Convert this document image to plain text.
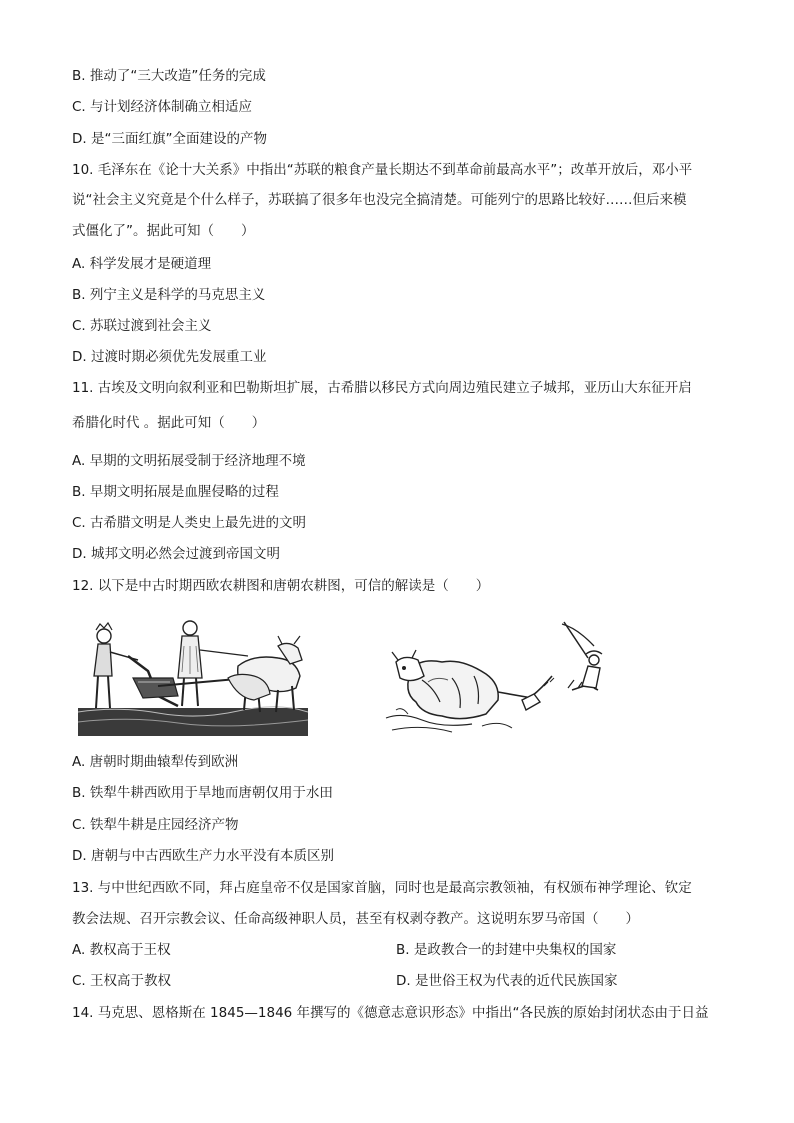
B. 推动了“三大改造”任务的完成
C. 与计划经济体制确立相适应
D. 是“三面红旗”全面建设的产物
10. 毛泽东在《论十大关系》中指出“苏联的粮食产量长期达不到革命前最高水平”；改革开放后，邓小平
说“社会主义究竟是个什么样子，苏联搞了很多年也没完全搞清楚。可能列宁的思路比较好……但后来模
式僵化了”。据此可知（　　）
A. 科学发展才是硬道理
B. 列宁主义是科学的马克思主义
C. 苏联过渡到社会主义
D. 过渡时期必须优先发展重工业
11. 古埃及文明向叙利亚和巴勒斯坦扩展，古希腊以移民方式向周边殖民建立子城邦，亚历山大东征开启
希腊化时代 。据此可知（　　）
A. 早期的文明拓展受制于经济地理不境
B. 早期文明拓展是血腥侵略的过程
C. 古希腊文明是人类史上最先进的文明
D. 城邦文明必然会过渡到帝国文明
12. 以下是中古时期西欧农耕图和唐朝农耕图，可信的解读是（　　）
A. 唐朝时期曲辕犁传到欧洲
B. 铁犁牛耕西欧用于旱地而唐朝仅用于水田
C. 铁犁牛耕是庄园经济产物
D. 唐朝与中古西欧生产力水平没有本质区别
13. 与中世纪西欧不同，拜占庭皇帝不仅是国家首脑，同时也是最高宗教领袖，有权颁布神学理论、钦定
教会法规、召开宗教会议、任命高级神职人员，甚至有权剥夺教产。这说明东罗马帝国（　　）
A. 教权高于王权	B. 是政教合一的封建中央集权的国家
C. 王权高于教权	D. 是世俗王权为代表的近代民族国家
14. 马克思、恩格斯在 1845—1846 年撰写的《德意志意识形态》中指出“各民族的原始封闭状态由于日益
